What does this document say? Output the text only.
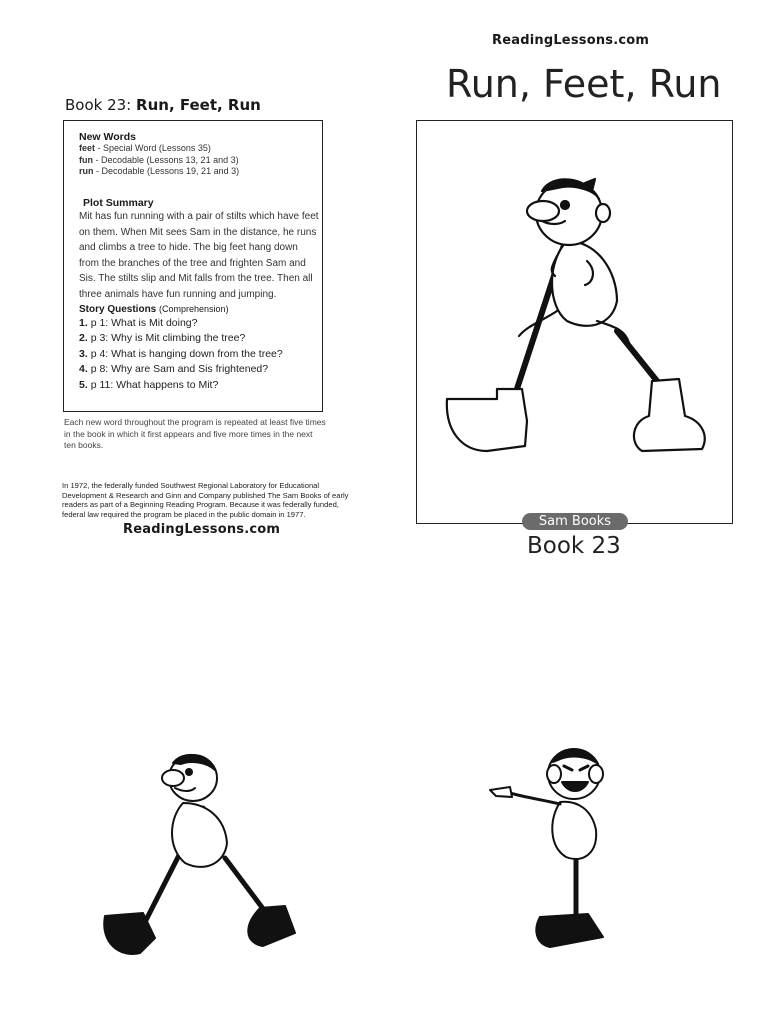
ReadingLessons.com
Run, Feet, Run
Book 23: Run, Feet, Run

New Words

feet - Special Word (Lessons 35)
fun - Decodable (Lessons 13, 21 and 3)
run - Decodable (Lessons 19, 21 and 3)

Plot Summary

Mit has fun running with a pair of stilts which have feet on them. When Mit sees Sam in the distance, he runs and climbs a tree to hide. The big feet hang down from the branches of the tree and frighten Sam and Sis. The stilts slip and Mit falls from the tree. Then all three animals have fun running and jumping.
Story Questions (Comprehension)
1. p 1: What is Mit doing?
2. p 3: Why is Mit climbing the tree?
3. p 4: What is hanging down from the tree?
4. p 8: Why are Sam and Sis frightened?
5. p 11: What happens to Mit?
Each new word throughout the program is repeated at least five times in the book in which it first appears and five more times in the next ten books.
In 1972, the federally funded Southwest Regional Laboratory for Educational Development & Research and Ginn and Company published The Sam Books of early readers as part of a Beginning Reading Program. Because it was federally funded, federal law required the program be placed in the public domain in 1977.
ReadingLessons.com
Sam Books
Book 23
